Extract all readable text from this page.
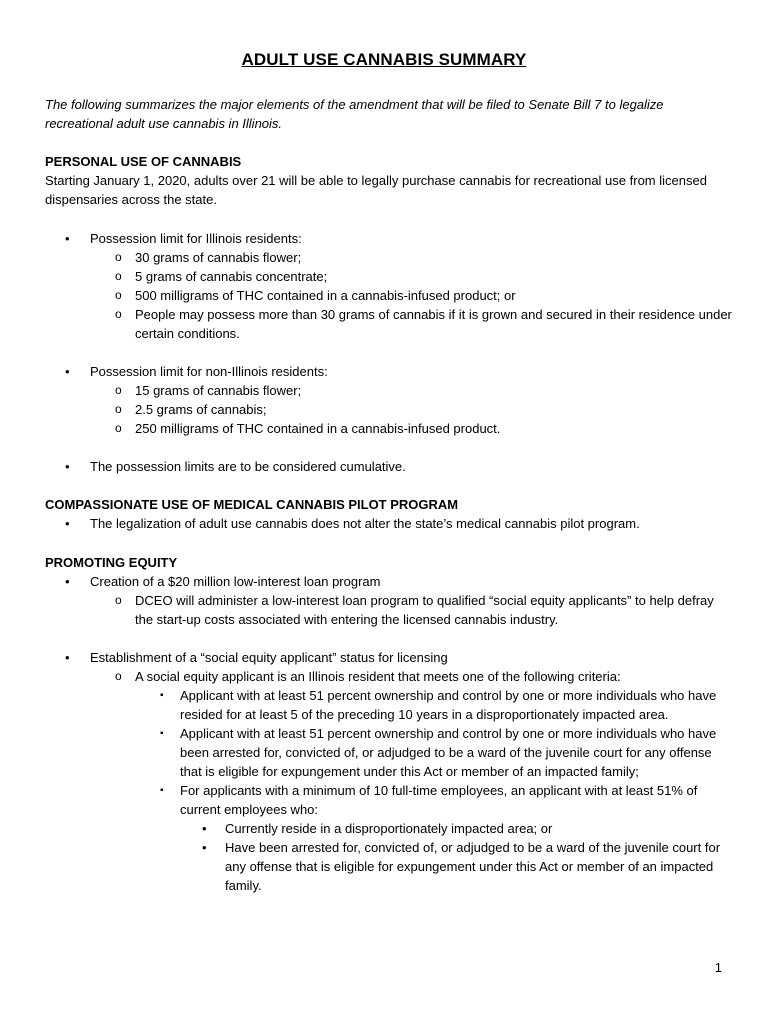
ADULT USE CANNABIS SUMMARY
The following summarizes the major elements of the amendment that will be filed to Senate Bill 7 to legalize recreational adult use cannabis in Illinois.
PERSONAL USE OF CANNABIS
Starting January 1, 2020, adults over 21 will be able to legally purchase cannabis for recreational use from licensed dispensaries across the state.
• Possession limit for Illinois residents:
o 30 grams of cannabis flower;
o 5 grams of cannabis concentrate;
o 500 milligrams of THC contained in a cannabis-infused product; or
o People may possess more than 30 grams of cannabis if it is grown and secured in their residence under certain conditions.
• Possession limit for non-Illinois residents:
o 15 grams of cannabis flower;
o 2.5 grams of cannabis;
o 250 milligrams of THC contained in a cannabis-infused product.
• The possession limits are to be considered cumulative.
COMPASSIONATE USE OF MEDICAL CANNABIS PILOT PROGRAM
• The legalization of adult use cannabis does not alter the state’s medical cannabis pilot program.
PROMOTING EQUITY
• Creation of a $20 million low-interest loan program
o DCEO will administer a low-interest loan program to qualified “social equity applicants” to help defray the start-up costs associated with entering the licensed cannabis industry.
• Establishment of a “social equity applicant” status for licensing
o A social equity applicant is an Illinois resident that meets one of the following criteria:
▪ Applicant with at least 51 percent ownership and control by one or more individuals who have resided for at least 5 of the preceding 10 years in a disproportionately impacted area.
▪ Applicant with at least 51 percent ownership and control by one or more individuals who have been arrested for, convicted of, or adjudged to be a ward of the juvenile court for any offense that is eligible for expungement under this Act or member of an impacted family;
▪ For applicants with a minimum of 10 full-time employees, an applicant with at least 51% of current employees who:
• Currently reside in a disproportionately impacted area; or
• Have been arrested for, convicted of, or adjudged to be a ward of the juvenile court for any offense that is eligible for expungement under this Act or member of an impacted family.
1
